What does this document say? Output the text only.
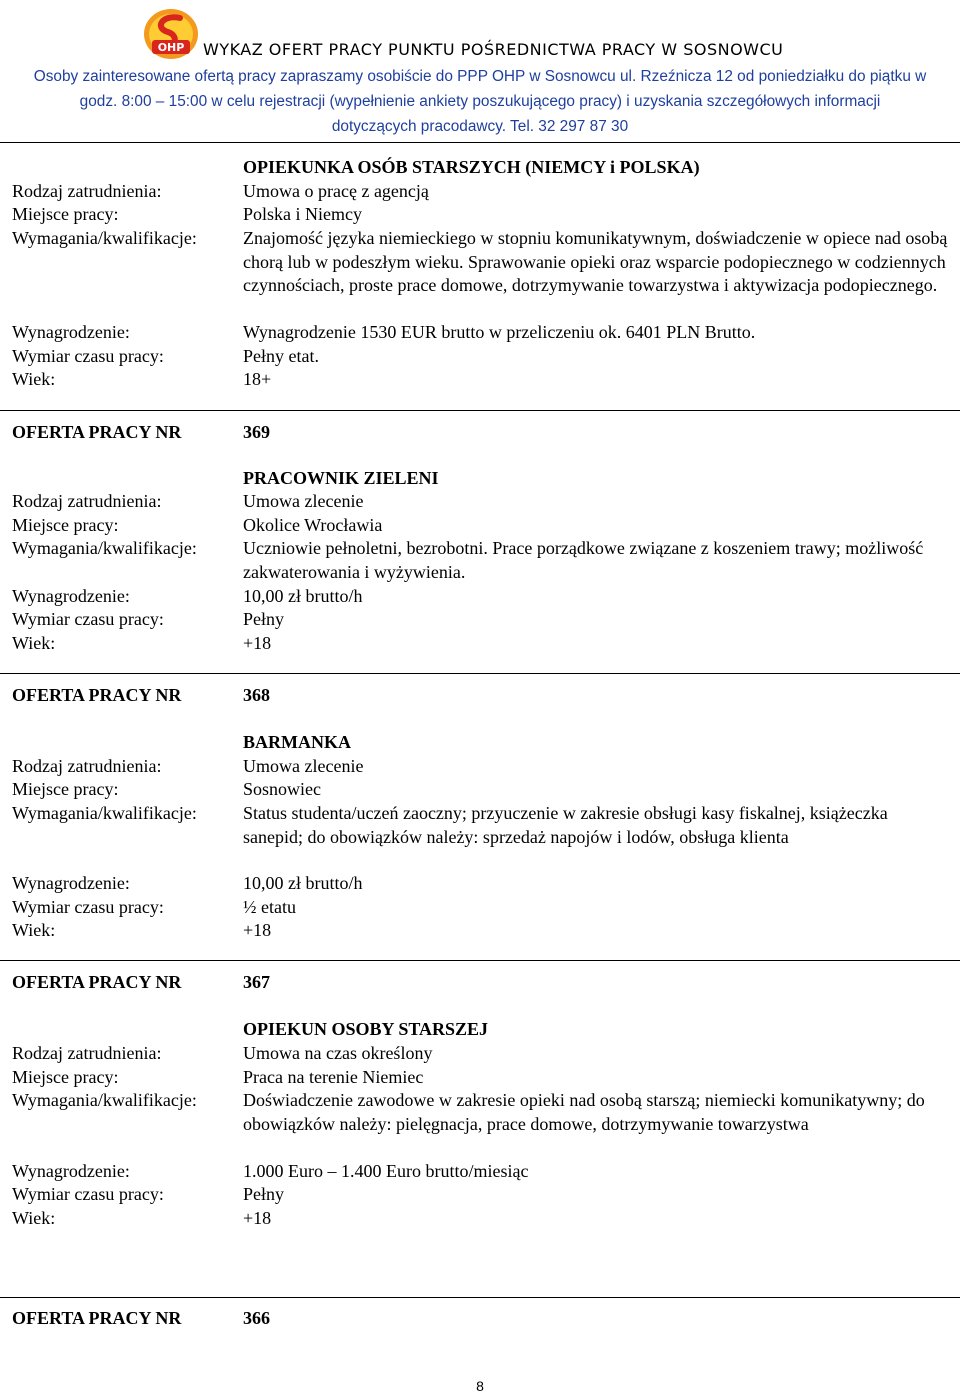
OHP WYKAZ OFERT PRACY PUNKTU POŚREDNICTWA PRACY W SOSNOWCU
Osoby zainteresowane ofertą pracy zapraszamy osobiście do PPP OHP w Sosnowcu ul. Rzeźnicza 12 od poniedziałku do piątku w
godz. 8:00 – 15:00 w celu rejestracji (wypełnienie ankiety poszukującego pracy) i uzyskania szczegółowych informacji
dotyczących pracodawcy. Tel. 32 297 87 30
OPIEKUNKA OSÓB STARSZYCH (NIEMCY i POLSKA)
Rodzaj zatrudnienia:	Umowa o pracę z agencją
Miejsce pracy:	Polska i Niemcy
Wymagania/kwalifikacje:	Znajomość języka niemieckiego w stopniu komunikatywnym, doświadczenie w opiece nad osobą chorą lub w podeszłym wieku. Sprawowanie opieki oraz wsparcie podopiecznego w codziennych czynnościach, proste prace domowe, dotrzymywanie towarzystwa i aktywizacja podopiecznego.
Wynagrodzenie:	Wynagrodzenie 1530 EUR brutto w przeliczeniu ok. 6401 PLN Brutto.
Wymiar czasu pracy:	Pełny etat.
Wiek:	18+
OFERTA PRACY NR	369
PRACOWNIK ZIELENI
Rodzaj zatrudnienia:	Umowa zlecenie
Miejsce pracy:	Okolice Wrocławia
Wymagania/kwalifikacje:	Uczniowie pełnoletni, bezrobotni. Prace porządkowe związane z koszeniem trawy; możliwość zakwaterowania i wyżywienia.
Wynagrodzenie:	10,00 zł brutto/h
Wymiar czasu pracy:	Pełny
Wiek:	+18
OFERTA PRACY NR	368
BARMANKA
Rodzaj zatrudnienia:	Umowa zlecenie
Miejsce pracy:	Sosnowiec
Wymagania/kwalifikacje:	Status studenta/uczeń zaoczny; przyuczenie w zakresie obsługi kasy fiskalnej, książeczka sanepid; do obowiązków należy: sprzedaż napojów i lodów, obsługa klienta
Wynagrodzenie:	10,00 zł brutto/h
Wymiar czasu pracy:	½ etatu
Wiek:	+18
OFERTA PRACY NR	367
OPIEKUN OSOBY STARSZEJ
Rodzaj zatrudnienia:	Umowa na czas określony
Miejsce pracy:	Praca na terenie Niemiec
Wymagania/kwalifikacje:	Doświadczenie zawodowe w zakresie opieki nad osobą starszą; niemiecki komunikatywny; do obowiązków należy: pielęgnacja, prace domowe, dotrzymywanie towarzystwa
Wynagrodzenie:	1.000 Euro – 1.400 Euro brutto/miesiąc
Wymiar czasu pracy:	Pełny
Wiek:	+18
OFERTA PRACY NR	366
8
